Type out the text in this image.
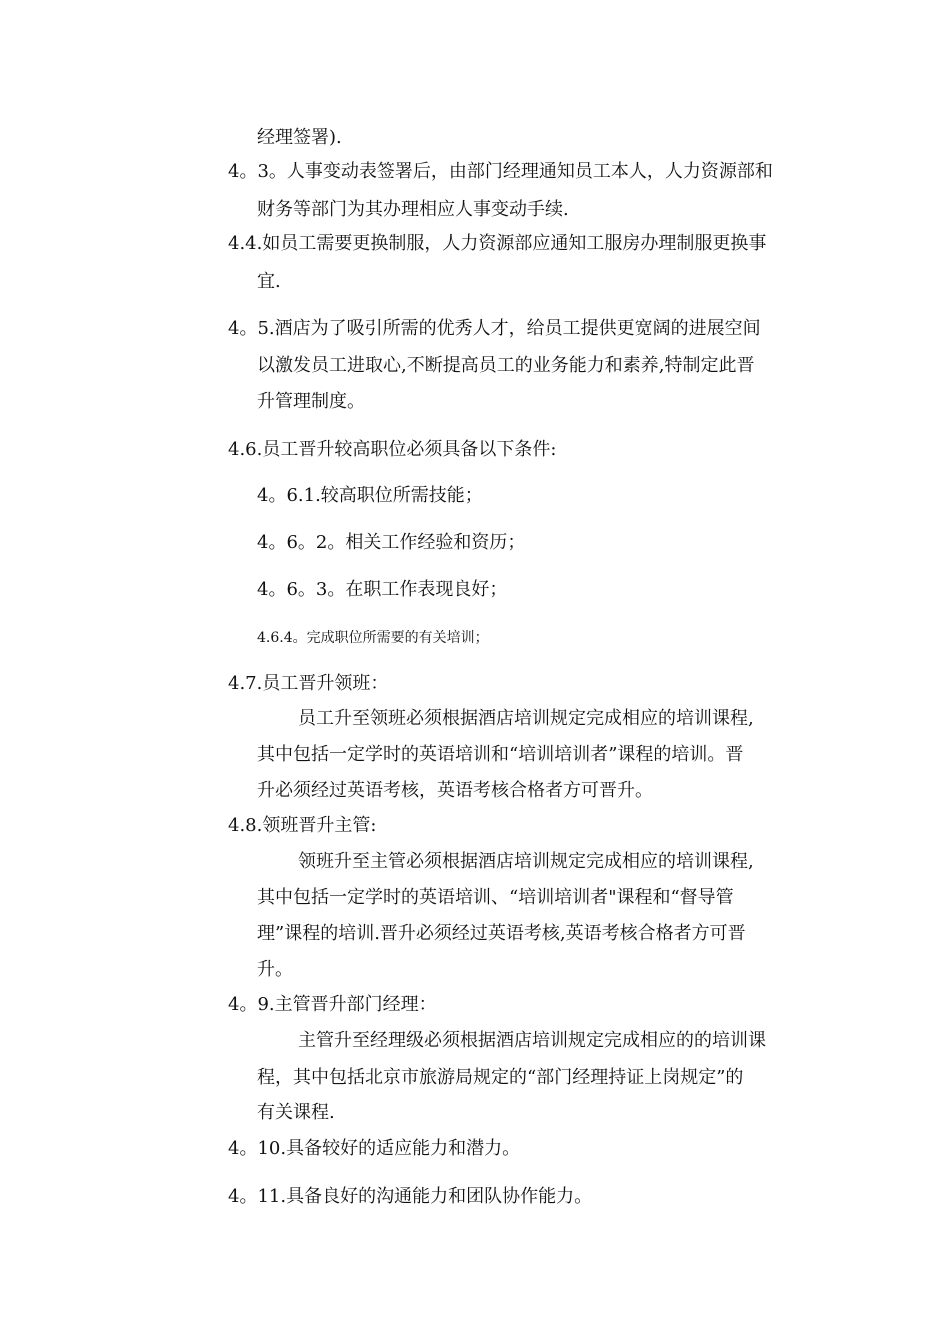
经理签署).
4。3。人事变动表签署后，由部门经理通知员工本人，人力资源部和
财务等部门为其办理相应人事变动手续.
4.4.如员工需要更换制服，人力资源部应通知工服房办理制服更换事
宜.
4。5.酒店为了吸引所需的优秀人才，给员工提供更宽阔的进展空间
以激发员工进取心,不断提高员工的业务能力和素养,特制定此晋
升管理制度。
4.6.员工晋升较高职位必须具备以下条件:
4。6.1.较高职位所需技能；
4。6。2。相关工作经验和资历；
4。6。3。在职工作表现良好；
4.6.4。完成职位所需要的有关培训；
4.7.员工晋升领班：
员工升至领班必须根据酒店培训规定完成相应的培训课程,
其中包括一定学时的英语培训和“培训培训者”课程的培训。晋
升必须经过英语考核，英语考核合格者方可晋升。
4.8.领班晋升主管:
领班升至主管必须根据酒店培训规定完成相应的培训课程,
其中包括一定学时的英语培训、“培训培训者"课程和“督导管
理”课程的培训.晋升必须经过英语考核,英语考核合格者方可晋
升。
4。9.主管晋升部门经理：
主管升至经理级必须根据酒店培训规定完成相应的的培训课
程，其中包括北京市旅游局规定的“部门经理持证上岗规定”的
有关课程.
4。10.具备较好的适应能力和潜力。
4。11.具备良好的沟通能力和团队协作能力。
